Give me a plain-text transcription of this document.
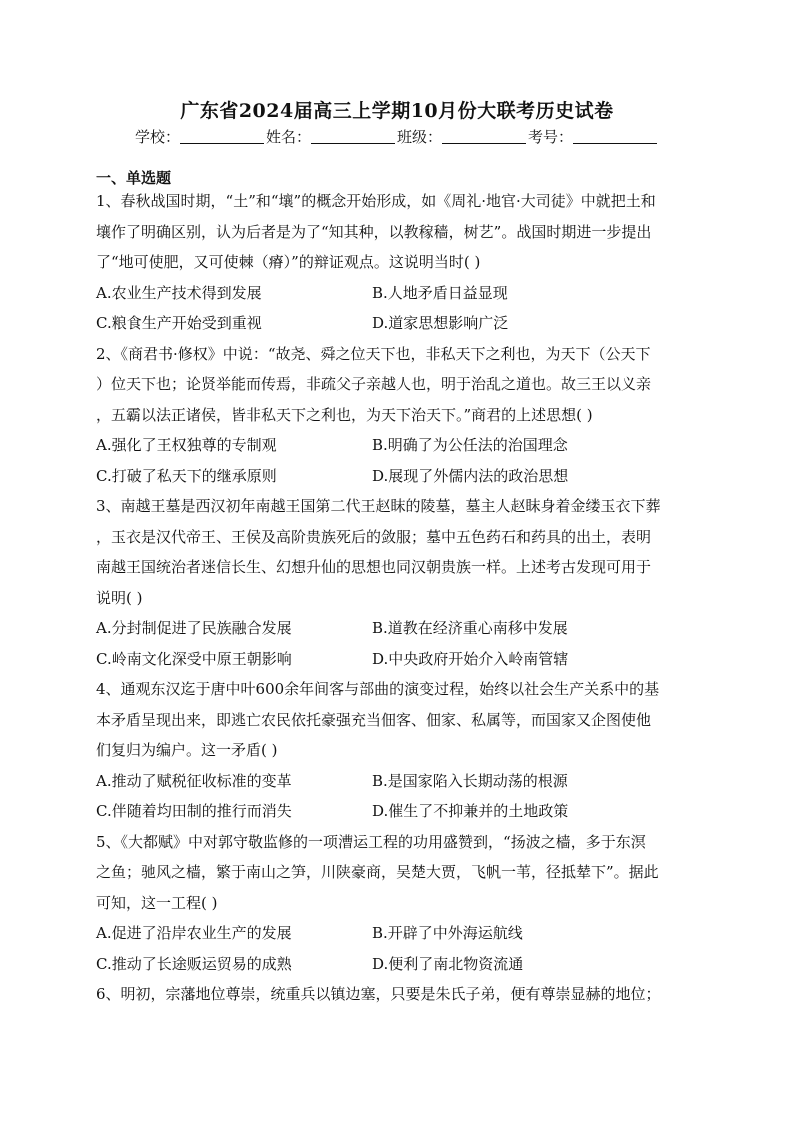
广东省2024届高三上学期10月份大联考历史试卷
学校：	姓名：	班级：	考号：
一、单选题
1、春秋战国时期，“土”和“壤”的概念开始形成，如《周礼·地官·大司徒》中就把土和
壤作了明确区别，认为后者是为了“知其种，以教稼穑，树艺”。战国时期进一步提出
了“地可使肥，又可使棘（瘠）”的辩证观点。这说明当时( )
A.农业生产技术得到发展	B.人地矛盾日益显现
C.粮食生产开始受到重视	D.道家思想影响广泛
2、《商君书·修权》中说：“故尧、舜之位天下也，非私天下之利也，为天下（公天下
）位天下也；论贤举能而传焉，非疏父子亲越人也，明于治乱之道也。故三王以义亲
，五霸以法正诸侯，皆非私天下之利也，为天下治天下。”商君的上述思想( )
A.强化了王权独尊的专制观	B.明确了为公任法的治国理念
C.打破了私天下的继承原则	D.展现了外儒内法的政治思想
3、南越王墓是西汉初年南越王国第二代王赵眜的陵墓，墓主人赵眜身着金缕玉衣下葬
，玉衣是汉代帝王、王侯及高阶贵族死后的敛服；墓中五色药石和药具的出土，表明
南越王国统治者迷信长生、幻想升仙的思想也同汉朝贵族一样。上述考古发现可用于
说明( )
A.分封制促进了民族融合发展	B.道教在经济重心南移中发展
C.岭南文化深受中原王朝影响	D.中央政府开始介入岭南管辖
4、通观东汉迄于唐中叶600余年间客与部曲的演变过程，始终以社会生产关系中的基
本矛盾呈现出来，即逃亡农民依托豪强充当佃客、佃家、私属等，而国家又企图使他
们复归为编户。这一矛盾( )
A.推动了赋税征收标准的变革	B.是国家陷入长期动荡的根源
C.伴随着均田制的推行而消失	D.催生了不抑兼并的土地政策
5、《大都赋》中对郭守敬监修的一项漕运工程的功用盛赞到，“扬波之樯，多于东溟
之鱼；驰风之樯，繁于南山之笋，川陕豪商，吴楚大贾，飞帆一苇，径抵辇下”。据此
可知，这一工程( )
A.促进了沿岸农业生产的发展	B.开辟了中外海运航线
C.推动了长途贩运贸易的成熟	D.便利了南北物资流通
6、明初，宗藩地位尊崇，统重兵以镇边塞，只要是朱氏子弟，便有尊崇显赫的地位；
